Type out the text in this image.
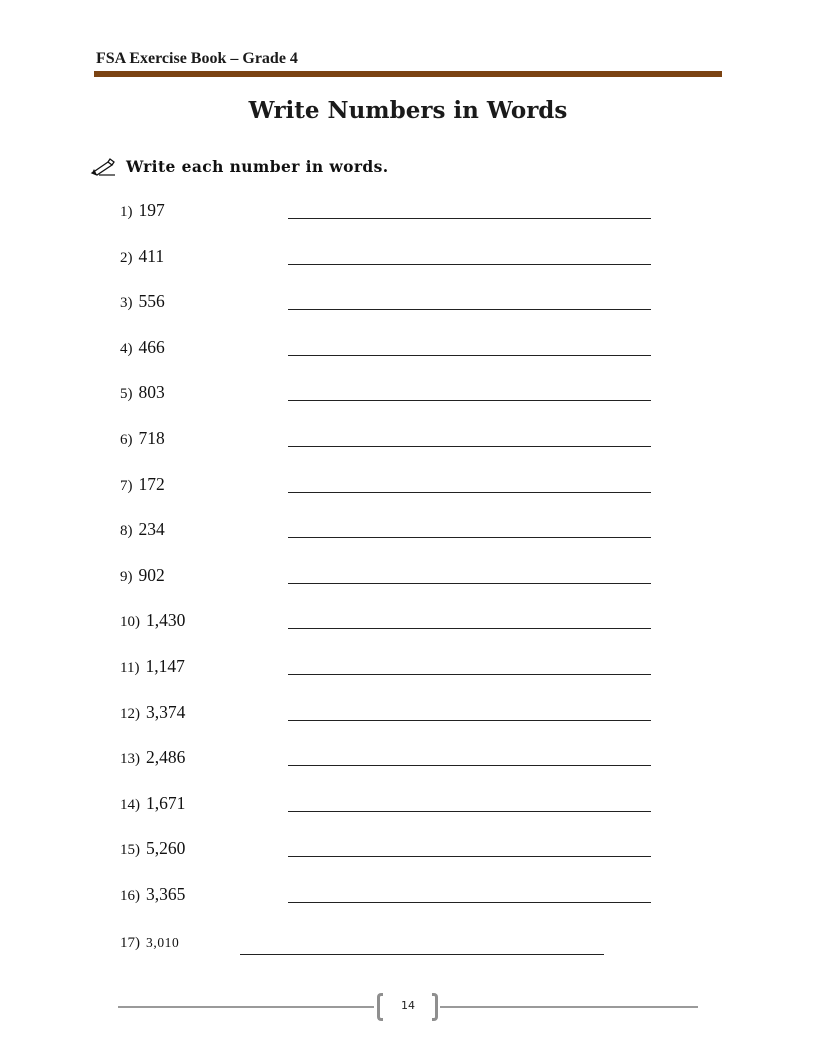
FSA Exercise Book – Grade 4
Write Numbers in Words
Write each number in words.
1) 197
2) 411
3) 556
4) 466
5) 803
6) 718
7) 172
8) 234
9) 902
10) 1,430
11) 1,147
12) 3,374
13) 2,486
14) 1,671
15) 5,260
16) 3,365
17) 3,010
14
